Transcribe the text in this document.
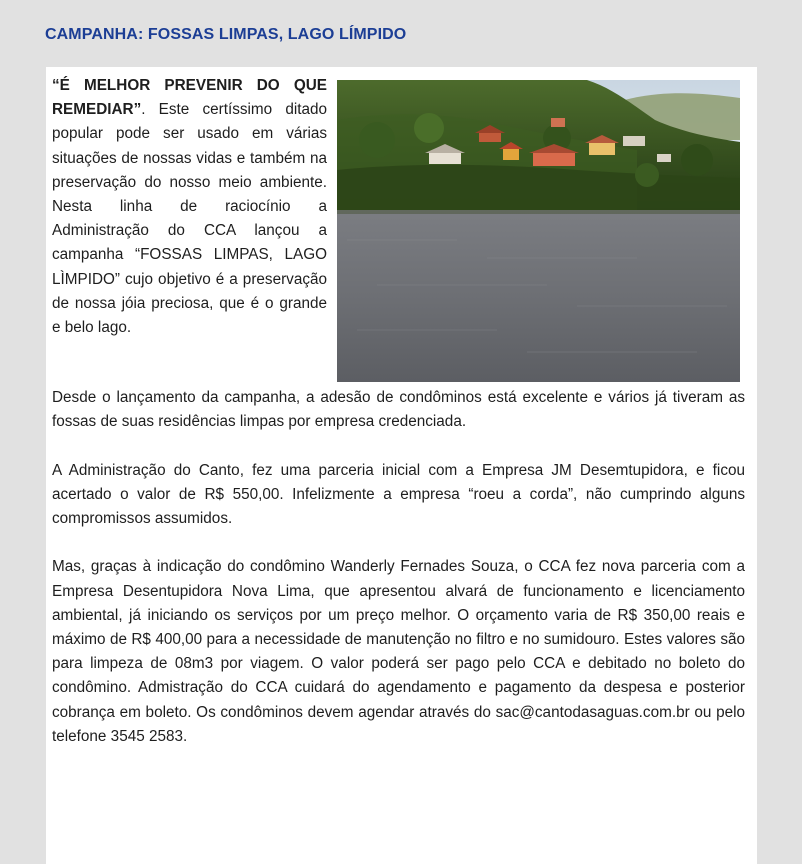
CAMPANHA: FOSSAS LIMPAS, LAGO LÍMPIDO

“É MELHOR PREVENIR DO QUE REMEDIAR”. Este certíssimo ditado popular pode ser usado em várias situações de nossas vidas e também na preservação do nosso meio ambiente. Nesta linha de raciocínio a Administração do CCA lançou a campanha “FOSSAS LIMPAS, LAGO LÌMPIDO” cujo objetivo é a preservação de nossa jóia preciosa, que é o grande e belo lago.

Desde o lançamento da campanha, a adesão de condôminos está excelente e vários já tiveram as fossas de suas residências limpas por empresa credenciada.

A Administração do Canto, fez uma parceria inicial com a Empresa JM Desemtupidora, e ficou acertado o valor de R$ 550,00. Infelizmente a empresa “roeu a corda”, não cumprindo alguns compromissos assumidos.

Mas, graças à indicação do condômino Wanderly Fernades Souza, o CCA fez nova parceria com a Empresa Desentupidora Nova Lima, que apresentou alvará de funcionamento e licenciamento ambiental, já iniciando os serviços por um preço melhor. O orçamento varia de R$ 350,00 reais e máximo de R$ 400,00 para a necessidade de manutenção no filtro e no sumidouro. Estes valores são para limpeza de 08m3 por viagem. O valor poderá ser pago pelo CCA e debitado no boleto do condômino. Admistração do CCA cuidará do agendamento e pagamento da despesa e posterior cobrança em boleto. Os condôminos devem agendar através do sac@cantodasaguas.com.br ou pelo telefone 3545 2583.
